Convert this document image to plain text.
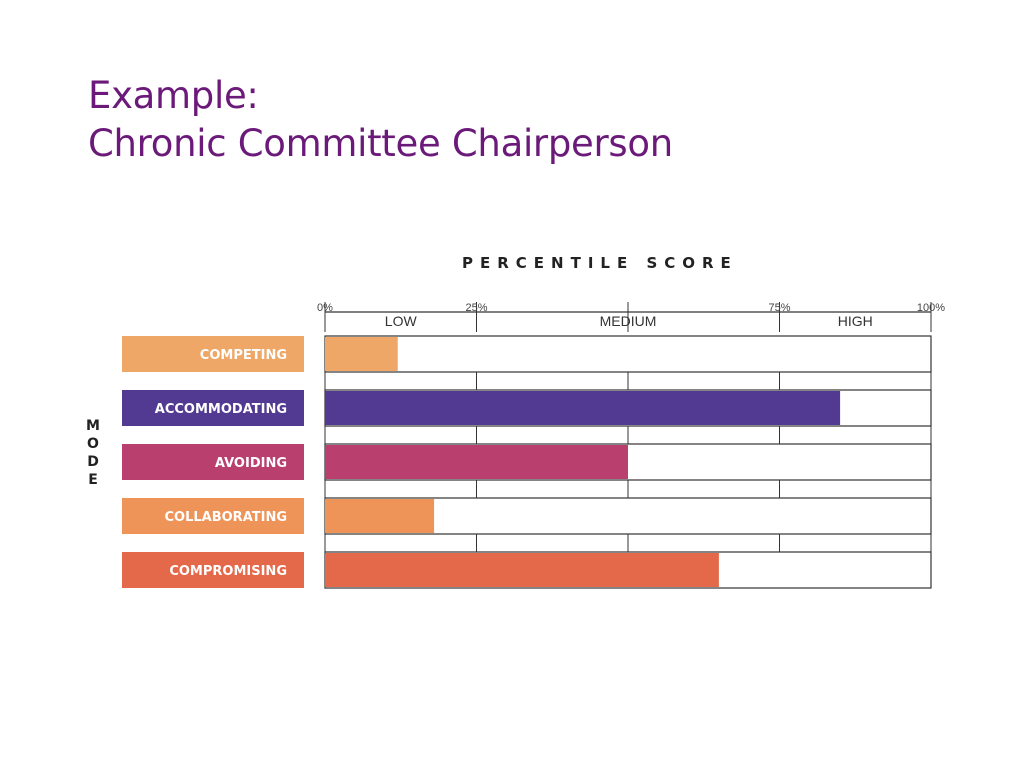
Example:
Chronic Committee Chairperson
PERCENTILE SCORE
0%	25%	75%	100%
LOW	MEDIUM	HIGH
COMPETING
ACCOMMODATING
AVOIDING
COLLABORATING
COMPROMISING
M
O
D
E
